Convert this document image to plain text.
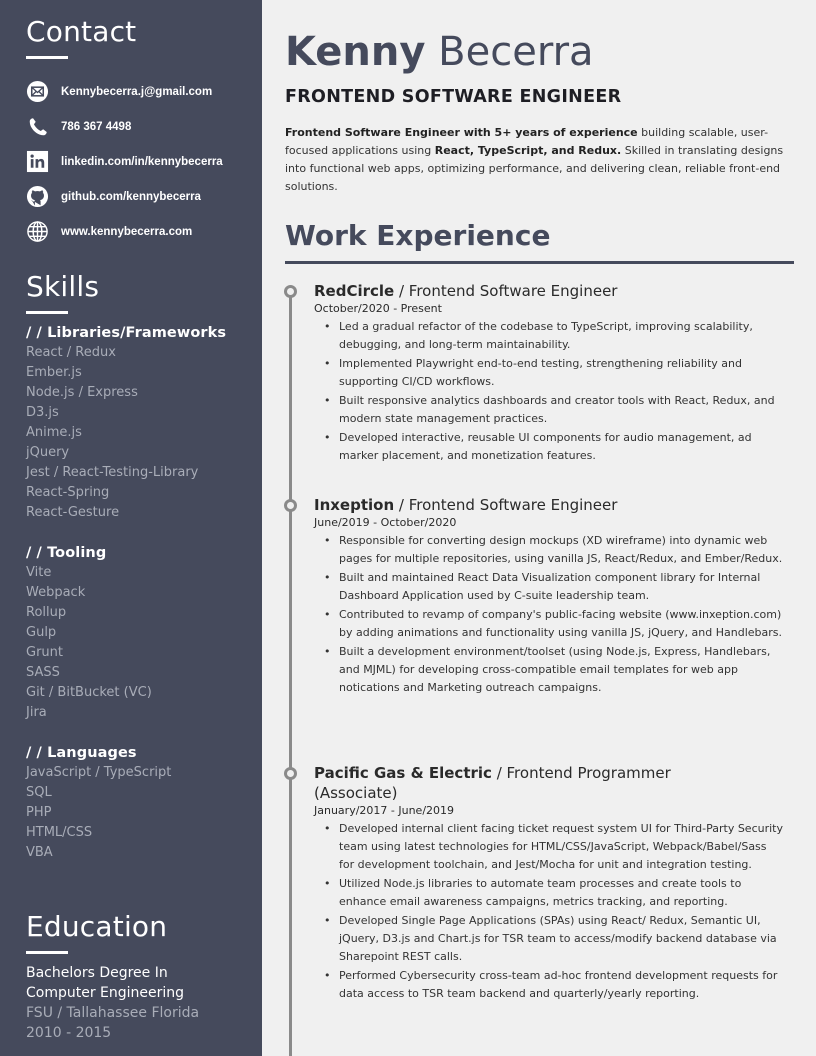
Contact
Kennybecerra.j@gmail.com
786 367 4498
linkedin.com/in/kennybecerra
github.com/kennybecerra
www.kennybecerra.com
Skills
/ / Libraries/Frameworks
React / Redux
Ember.js
Node.js / Express
D3.js
Anime.js
jQuery
Jest / React-Testing-Library
React-Spring
React-Gesture
/ / Tooling
Vite
Webpack
Rollup
Gulp
Grunt
SASS
Git / BitBucket (VC)
Jira
/ / Languages
JavaScript / TypeScript
SQL
PHP
HTML/CSS
VBA
Education
Bachelors Degree In
Computer Engineering
FSU / Tallahassee Florida
2010 - 2015
Kenny Becerra
FRONTEND SOFTWARE ENGINEER

Frontend Software Engineer with 5+ years of experience building scalable, user-focused applications using React, TypeScript, and Redux. Skilled in translating designs into functional web apps, optimizing performance, and delivering clean, reliable front-end solutions.

Work Experience
RedCircle / Frontend Software Engineer
October/2020 - Present
• Led a gradual refactor of the codebase to TypeScript, improving scalability, debugging, and long-term maintainability.
• Implemented Playwright end-to-end testing, strengthening reliability and supporting CI/CD workflows.
• Built responsive analytics dashboards and creator tools with React, Redux, and modern state management practices.
• Developed interactive, reusable UI components for audio management, ad marker placement, and monetization features.
Inxeption / Frontend Software Engineer
June/2019 - October/2020
• Responsible for converting design mockups (XD wireframe) into dynamic web pages for multiple repositories, using vanilla JS, React/Redux, and Ember/Redux.
• Built and maintained React Data Visualization component library for Internal Dashboard Application used by C-suite leadership team.
• Contributed to revamp of company's public-facing website (www.inxeption.com) by adding animations and functionality using vanilla JS, jQuery, and Handlebars.
• Built a development environment/toolset (using Node.js, Express, Handlebars, and MJML) for developing cross-compatible email templates for web app notications and Marketing outreach campaigns.
Pacific Gas & Electric / Frontend Programmer (Associate)
January/2017 - June/2019
• Developed internal client facing ticket request system UI for Third-Party Security team using latest technologies for HTML/CSS/JavaScript, Webpack/Babel/Sass for development toolchain, and Jest/Mocha for unit and integration testing.
• Utilized Node.js libraries to automate team processes and create tools to enhance email awareness campaigns, metrics tracking, and reporting.
• Developed Single Page Applications (SPAs) using React/ Redux, Semantic UI, jQuery, D3.js and Chart.js for TSR team to access/modify backend database via Sharepoint REST calls.
• Performed Cybersecurity cross-team ad-hoc frontend development requests for data access to TSR team backend and quarterly/yearly reporting.
